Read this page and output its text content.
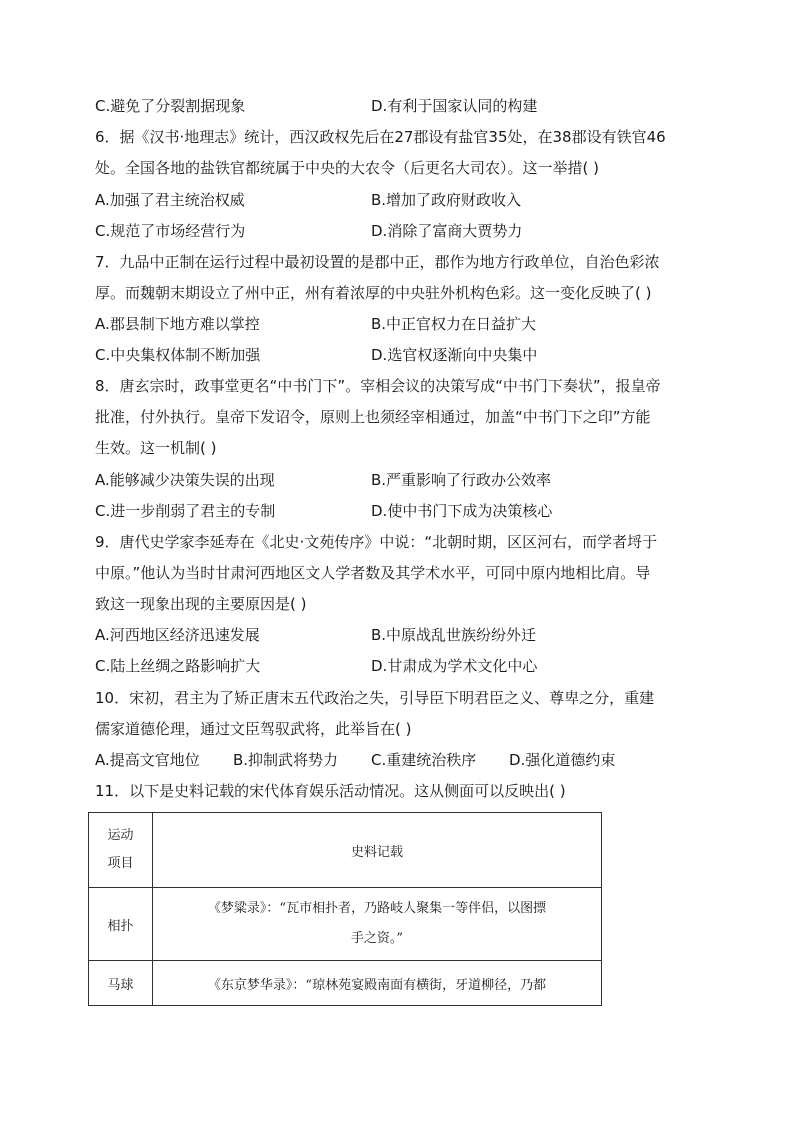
C.避免了分裂割据现象	D.有利于国家认同的构建
6．据《汉书·地理志》统计，西汉政权先后在27郡设有盐官35处，在38郡设有铁官46
处。全国各地的盐铁官都统属于中央的大农令（后更名大司农）。这一举措( )
A.加强了君主统治权威	B.增加了政府财政收入
C.规范了市场经营行为	D.消除了富商大贾势力
7．九品中正制在运行过程中最初设置的是郡中正，郡作为地方行政单位，自治色彩浓
厚。而魏朝末期设立了州中正，州有着浓厚的中央驻外机构色彩。这一变化反映了( )
A.郡县制下地方难以掌控	B.中正官权力在日益扩大
C.中央集权体制不断加强	D.选官权逐渐向中央集中
8．唐玄宗时，政事堂更名“中书门下”。宰相会议的决策写成“中书门下奏状”，报皇帝
批准，付外执行。皇帝下发诏令，原则上也须经宰相通过，加盖“中书门下之印”方能
生效。这一机制( )
A.能够减少决策失误的出现	B.严重影响了行政办公效率
C.进一步削弱了君主的专制	D.使中书门下成为决策核心
9．唐代史学家李延寿在《北史·文苑传序》中说：“北朝时期，区区河右，而学者埒于
中原。”他认为当时甘肃河西地区文人学者数及其学术水平，可同中原内地相比肩。导
致这一现象出现的主要原因是( )
A.河西地区经济迅速发展	B.中原战乱世族纷纷外迁
C.陆上丝绸之路影响扩大	D.甘肃成为学术文化中心
10．宋初，君主为了矫正唐末五代政治之失，引导臣下明君臣之义、尊卑之分，重建
儒家道德伦理，通过文臣驾驭武将，此举旨在( )
A.提高文官地位 B.抑制武将势力 C.重建统治秩序 D.强化道德约束
11．以下是史料记载的宋代体育娱乐活动情况。这从侧面可以反映出( )
运动
项目	史料记载
相扑	《梦粱录》：“瓦市相扑者，乃路岐人聚集一等伴侣，以图摽
手之资。”

马球	《东京梦华录》：“琼林苑宴殿南面有横街，牙道柳径，乃都
